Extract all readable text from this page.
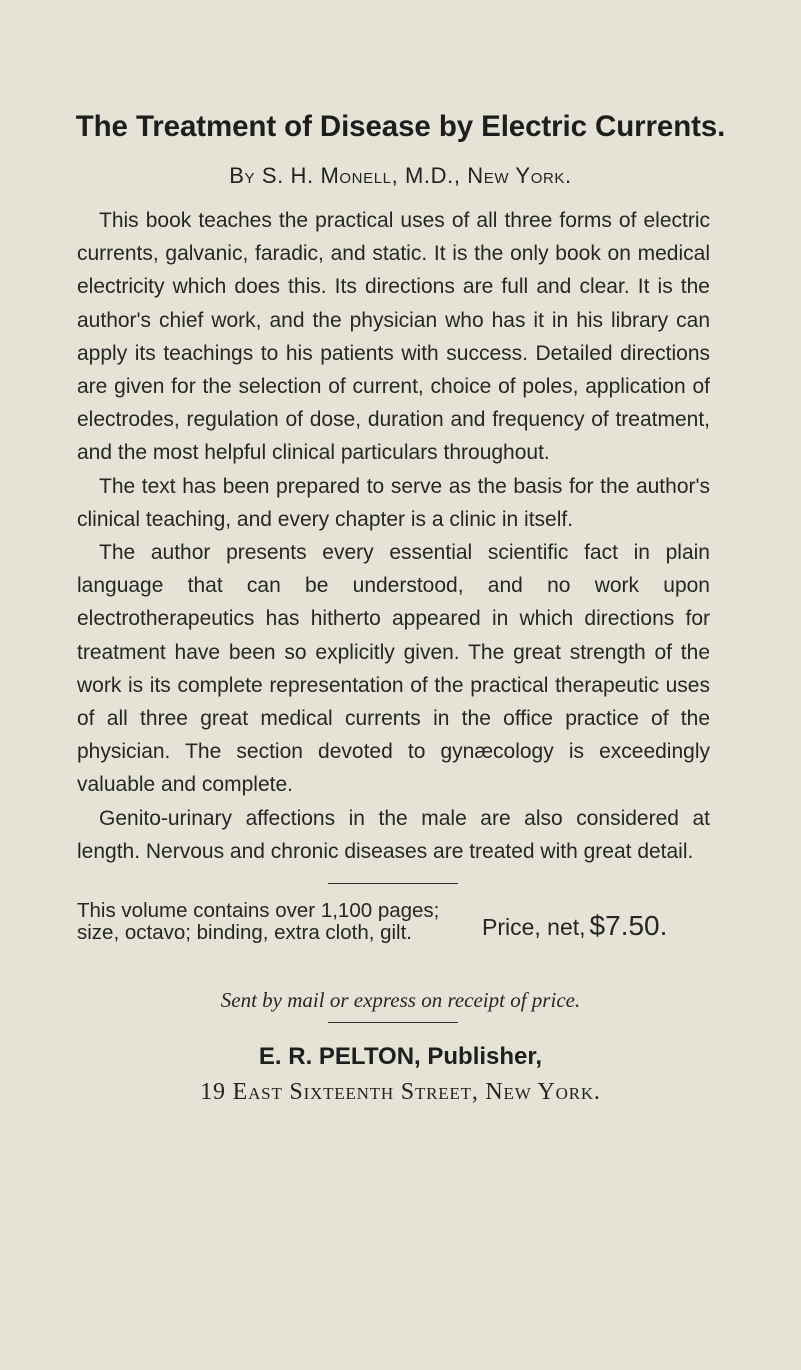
The Treatment of Disease by Electric Currents.
By S. H. Monell, M.D., New York.

This book teaches the practical uses of all three forms of electric currents, galvanic, faradic, and static. It is the only book on medical electricity which does this. Its directions are full and clear. It is the author's chief work, and the physician who has it in his library can apply its teachings to his patients with success. Detailed directions are given for the selection of current, choice of poles, application of electrodes, regulation of dose, duration and frequency of treatment, and the most helpful clinical particulars throughout.

The text has been prepared to serve as the basis for the author's clinical teaching, and every chapter is a clinic in itself.

The author presents every essential scientific fact in plain language that can be understood, and no work upon electrotherapeutics has hitherto appeared in which directions for treatment have been so explicitly given. The great strength of the work is its complete representation of the practical therapeutic uses of all three great medical currents in the office practice of the physician. The section devoted to gynæcology is exceedingly valuable and complete.

Genito-urinary affections in the male are also considered at length. Nervous and chronic diseases are treated with great detail.

This volume contains over 1,100 pages;
size, octavo; binding, extra cloth, gilt.	Price, net, $7.50.
Sent by mail or express on receipt of price.
E. R. PELTON, Publisher,
19 East Sixteenth Street, New York.
